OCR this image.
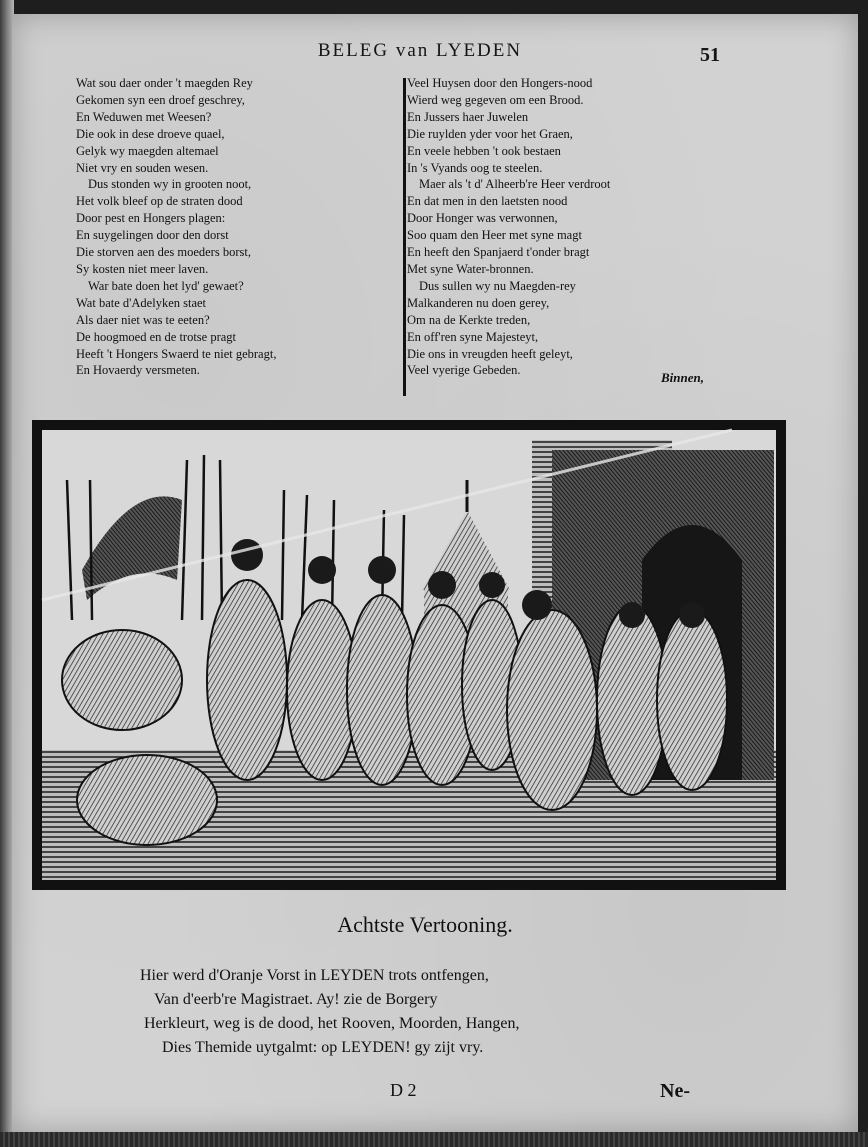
BELEG van LYEDEN	51
Wat sou daer onder 't maegden Rey
Gekomen syn een droef geschrey,
En Weduwen met Weesen?
Die ook in dese droeve quael,
Gelyk wy maegden altemael
Niet vry en souden wesen.
Dus stonden wy in grooten noot,
Het volk bleef op de straten dood
Door pest en Hongers plagen:
En suygelingen door den dorst
Die storven aen des moeders borst,
Sy kosten niet meer laven.
War bate doen het lyd' gewaet?
Wat bate d'Adelyken staet
Als daer niet was te eeten?
De hoogmoed en de trotse pragt
Heeft 't Hongers Swaerd te niet gebragt,
En Hovaerdy versmeten.
Veel Huysen door den Hongers-nood
Wierd weg gegeven om een Brood.
En Jussers haer Juwelen
Die ruylden yder voor het Graen,
En veele hebben 't ook bestaen
In 's Vyands oog te steelen.
Maer als 't d' Alheerb're Heer verdroot
En dat men in den laetsten nood
Door Honger was verwonnen,
Soo quam den Heer met syne magt
En heeft den Spanjaerd t'onder bragt
Met syne Water-bronnen.
Dus sullen wy nu Maegden-rey
Malkanderen nu doen gerey,
Om na de Kerkte treden,
En off'ren syne Majesteyt,
Die ons in vreugden heeft geleyt,
Veel vyerige Gebeden.	Binnen,
Achtste Vertooning.
Hier werd d'Oranje Vorst in LEYDEN trots ontfengen,
Van d'eerb're Magistraet. Ay! zie de Borgery
Herkleurt, weg is de dood, het Rooven, Moorden, Hangen,
Dies Themide uytgalmt: op LEYDEN! gy zijt vry.
D 2	Ne-
